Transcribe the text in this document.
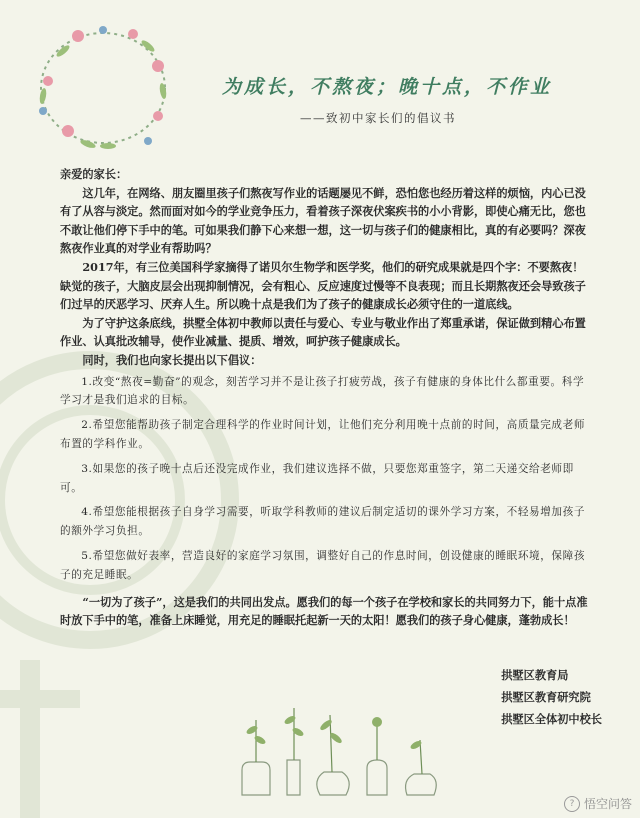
为成长，不熬夜；晚十点，不作业
——致初中家长们的倡议书

亲爱的家长：

这几年，在网络、朋友圈里孩子们熬夜写作业的话题屡见不鲜，恐怕您也经历着这样的烦恼，内心已没有了从容与淡定。然而面对如今的学业竞争压力，看着孩子深夜伏案疾书的小小背影，即使心痛无比，您也不敢让他们停下手中的笔。可如果我们静下心来想一想，这一切与孩子们的健康相比，真的有必要吗？深夜熬夜作业真的对学业有帮助吗？

2017年，有三位美国科学家摘得了诺贝尔生物学和医学奖，他们的研究成果就是四个字：不要熬夜！缺觉的孩子，大脑皮层会出现抑制情况，会有粗心、反应速度过慢等不良表现；而且长期熬夜还会导致孩子们过早的厌恶学习、厌弃人生。所以晚十点是我们为了孩子的健康成长必须守住的一道底线。

为了守护这条底线，拱墅全体初中教师以责任与爱心、专业与敬业作出了郑重承诺，保证做到精心布置作业、认真批改辅导，使作业减量、提质、增效，呵护孩子健康成长。

同时，我们也向家长提出以下倡议：

1.改变“熬夜=勤奋”的观念，刻苦学习并不是让孩子打疲劳战，孩子有健康的身体比什么都重要。科学学习才是我们追求的目标。

2.希望您能帮助孩子制定合理科学的作业时间计划，让他们充分利用晚十点前的时间，高质量完成老师布置的学科作业。

3.如果您的孩子晚十点后还没完成作业，我们建议选择不做，只要您郑重签字，第二天递交给老师即可。

4.希望您能根据孩子自身学习需要，听取学科教师的建议后制定适切的课外学习方案，不轻易增加孩子的额外学习负担。

5.希望您做好表率，营造良好的家庭学习氛围，调整好自己的作息时间，创设健康的睡眠环境，保障孩子的充足睡眠。

“一切为了孩子”，这是我们的共同出发点。愿我们的每一个孩子在学校和家长的共同努力下，能十点准时放下手中的笔，准备上床睡觉，用充足的睡眠托起新一天的太阳！愿我们的孩子身心健康，蓬勃成长！

拱墅区教育局
拱墅区教育研究院
拱墅区全体初中校长
? 悟空问答
